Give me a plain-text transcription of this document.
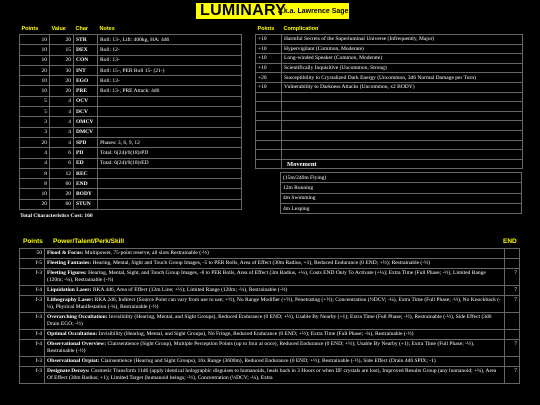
LUMINARY
a.k.a. Lawrence Sage
Points	Value	Char	Notes
10	20	STR	Roll: 13-, Lift: 400kg, HA: 4d6
10	15	DEX	Roll: 12-
10	20	CON	Roll: 13-
20	30	INT	Roll: 15-, PER Roll 15- (21-)
10	20	EGO	Roll: 13-
10	20	PRE	Roll: 13-, PRE Attack: 4d6
5	4	OCV	
5	4	DCV	
3	4	OMCV	
3	4	DMCV	
20	4	SPD	Phases: 3, 6, 9, 12
4	6	PD	Total: 6(24)/0(18)rPD
4	6	ED	Total: 6(24)/0(18)rED
8	12	REC	
8	60	END	
10	20	BODY	
20	60	STUN	
Total Characteristics Cost: 160
Points	Complication
+10	Harmful Secrets of the Superluminal Universe (Infrequently, Major)
+10	Hypervigilant (Common, Moderate)
+10	Long-winded Speaker (Common, Moderate)
+10	Scientifically Inquisitive (Uncommon, Strong)
+20	Susceptibility to Crystalized Dark Energy (Uncommon, 3d6 Normal Damage per Turn)
+10	Vulnerability to Darkness Attacks (Uncommon, x2 BODY)

Movement
(15m/240m Flying)
12m Running
4m Swimming
4m Leaping
Points Power/Talent/Perk/Skill	END
50	Flood & Focus: Multipower, 75-point reserve; all slots Restrainable (-½)	
f-5	Fleeting Fantasies: Hearing, Mental, Sight and Touch Group Images, -5 to PER Rolls, Area of Effect (30m Radius, +1), Reduced Endurance (0 END; +½); Restrainable (-½)	
f-3	Fleeting Figures: Hearing, Mental, Sight, and Touch Group Images, -8 to PER Rolls, Area of Effect (3m Radius, +¼), Costs END Only To Activate (+¼); Extra Time (Full Phase; -½), Limited Range (120m; -¼), Restrainable (-½)	7
f-4	Liquidation Laser: RKA 4d6, Area of Effect (12m Line; +½); Limited Range (120m; -¼), Restrainable (-½)	7
f-3	Lithography Laser: RKA 2d6, Indirect (Source Point can vary from use to use; +½), No Range Modifier (+½), Penetrating (+½); Concentration (½DCV; -¼), Extra Time (Full Phase; -½), No Knockback (-¼), Physical Manifestation (-¼), Restrainable (-½)	7
f-3	Overarching Occultation: Invisibility (Hearing, Mental, and Sight Groups), Reduced Endurance (0 END; +½), Usable By Nearby (+1); Extra Time (Full Phase; -½), Restrainable (-½), Side Effect (3d6 Drain EGO; -½)	
f-4	Optimal Occultation: Invisibility (Hearing, Mental, and Sight Groups), No Fringe, Reduced Endurance (0 END; +½); Extra Time (Full Phase; -¼), Restrainable (-½)	
f-4	Observational Overview: Clairsentience (Sight Group), Multiple Perception Points (up to four at once), Reduced Endurance (0 END; +½); Usable By Nearby (+1); Extra Time (Full Phase; -½), Restrainable (-½)	7
f-3	Observational Orpiat: Clairsentience (Hearing and Sight Groups), 16x Range (3600m), Reduced Endurance (0 END; +½); Restrainable (-½), Side Effect (Drain 4d6 SPIX; -1)	
f-3	Designate Decoys: Cosmetic Transform 11d6 (apply identical holographic disguises to humanoids, heals back in 3 Hours or when IIF crystals are lost), Improved Results Group (any humanoid; +¼), Area Of Effect (30m Radius; +1); Limited Target (humanoid beings; -½), Concentration (½DCV; -¼), Extra	7
